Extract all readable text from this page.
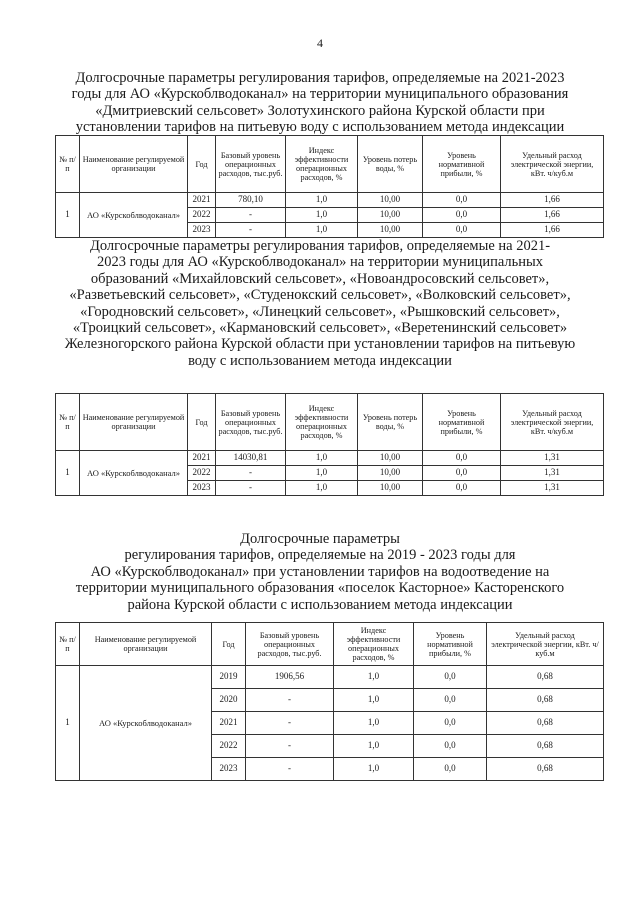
4

Долгосрочные параметры регулирования тарифов, определяемые на 2021-2023
годы для АО «Курскоблводоканал» на территории муниципального образования
«Дмитриевский сельсовет» Золотухинского района Курской области при
установлении тарифов на питьевую воду с использованием метода индексации

№ п/п	Наименование регулируемой организации	Год	Базовый уровень операционных расходов, тыс.руб.	Индекс эффективности операционных расходов, %	Уровень потерь воды, %	Уровень нормативной прибыли, %	Удельный расход электрической энергии, кВт. ч/куб.м
1	АО «Курскоблводоканал»	2021	780,10	1,0	10,00	0,0	1,66
		2022	-	1,0	10,00	0,0	1,66
		2023	-	1,0	10,00	0,0	1,66

Долгосрочные параметры регулирования тарифов, определяемые на 2021-
2023 годы для АО «Курскоблводоканал» на территории муниципальных
образований «Михайловский сельсовет», «Новоандросовский сельсовет»,
«Разветьевский сельсовет», «Студенокский сельсовет», «Волковский сельсовет»,
«Городновский сельсовет», «Линецкий сельсовет», «Рышковский сельсовет»,
«Троицкий сельсовет», «Кармановский сельсовет», «Веретенинский сельсовет»
Железногорского района Курской области при установлении тарифов на питьевую
воду с использованием метода индексации

№ п/п	Наименование регулируемой организации	Год	Базовый уровень операционных расходов, тыс.руб.	Индекс эффективности операционных расходов, %	Уровень потерь воды, %	Уровень нормативной прибыли, %	Удельный расход электрической энергии, кВт. ч/куб.м
1	АО «Курскоблводоканал»	2021	14030,81	1,0	10,00	0,0	1,31
		2022	-	1,0	10,00	0,0	1,31
		2023	-	1,0	10,00	0,0	1,31

Долгосрочные параметры
регулирования тарифов, определяемые на 2019 - 2023 годы для
АО «Курскоблводоканал» при установлении тарифов на водоотведение на
территории муниципального образования «поселок Касторное» Касторенского
района Курской области с использованием метода индексации

№ п/ п	Наименование регулируемой организации	Год	Базовый уровень операционных расходов, тыс.руб.	Индекс эффективности операционных расходов, %	Уровень нормативной прибыли, %	Удельный расход электрической энергии, кВт. ч/куб.м
1	АО «Курскоблводоканал»	2019	1906,56	1,0	0,0	0,68
		2020	-	1,0	0,0	0,68
		2021	-	1,0	0,0	0,68
		2022	-	1,0	0,0	0,68
		2023	-	1,0	0,0	0,68
